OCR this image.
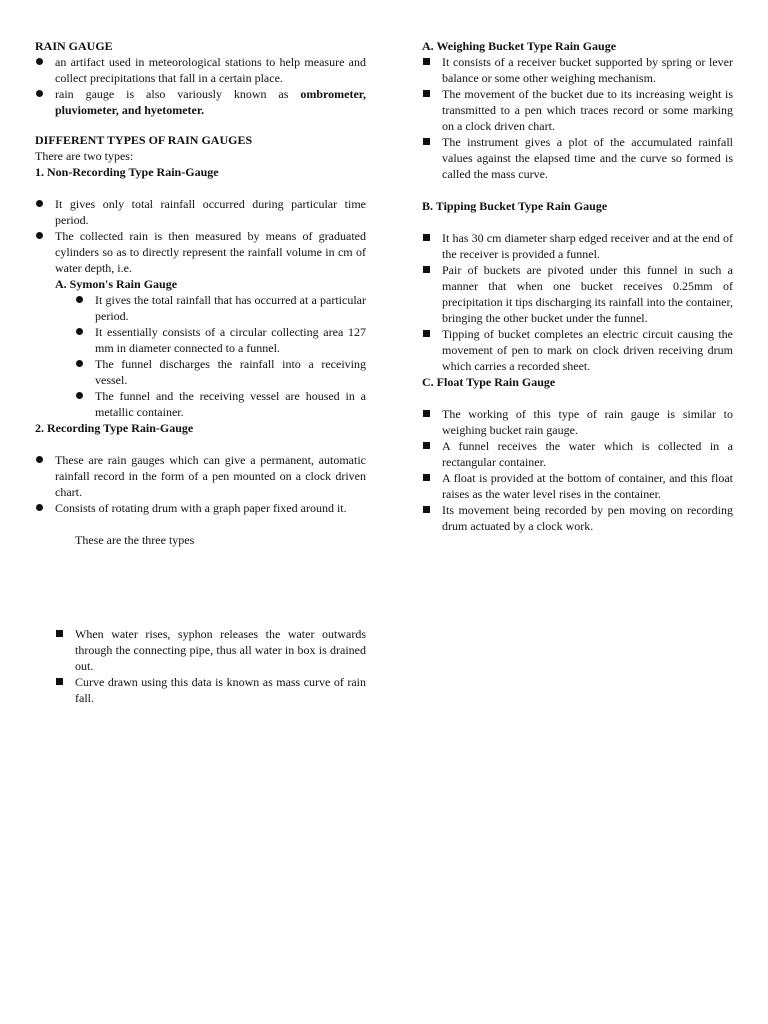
RAIN GAUGE

an artifact used in meteorological stations to help measure and collect precipitations that fall in a certain place.
rain gauge is also variously known as ombrometer, pluviometer, and hyetometer.

DIFFERENT TYPES OF RAIN GAUGES

There are two types:

1. Non-Recording Type Rain-Gauge

It gives only total rainfall occurred during particular time period.
The collected rain is then measured by means of graduated cylinders so as to directly represent the rainfall volume in cm of water depth, i.e.

A. Symon's Rain Gauge

It gives the total rainfall that has occurred at a particular period.
It essentially consists of a circular collecting area 127 mm in diameter connected to a funnel.
The funnel discharges the rainfall into a receiving vessel.
The funnel and the receiving vessel are housed in a metallic container.

2. Recording Type Rain-Gauge

These are rain gauges which can give a permanent, automatic rainfall record in the form of a pen mounted on a clock driven chart.
Consists of rotating drum with a graph paper fixed around it.

These are the three types

When water rises, syphon releases the water outwards through the connecting pipe, thus all water in box is drained out.
Curve drawn using this data is known as mass curve of rain fall.

A. Weighing Bucket Type Rain Gauge

It consists of a receiver bucket supported by spring or lever balance or some other weighing mechanism.
The movement of the bucket due to its increasing weight is transmitted to a pen which traces record or some marking on a clock driven chart.
The instrument gives a plot of the accumulated rainfall values against the elapsed time and the curve so formed is called the mass curve.

B. Tipping Bucket Type Rain Gauge

It has 30 cm diameter sharp edged receiver and at the end of the receiver is provided a funnel.
Pair of buckets are pivoted under this funnel in such a manner that when one bucket receives 0.25mm of precipitation it tips discharging its rainfall into the container, bringing the other bucket under the funnel.
Tipping of bucket completes an electric circuit causing the movement of pen to mark on clock driven receiving drum which carries a recorded sheet.

C. Float Type Rain Gauge

The working of this type of rain gauge is similar to weighing bucket rain gauge.
A funnel receives the water which is collected in a rectangular container.
A float is provided at the bottom of container, and this float raises as the water level rises in the container.
Its movement being recorded by pen moving on recording drum actuated by a clock work.
